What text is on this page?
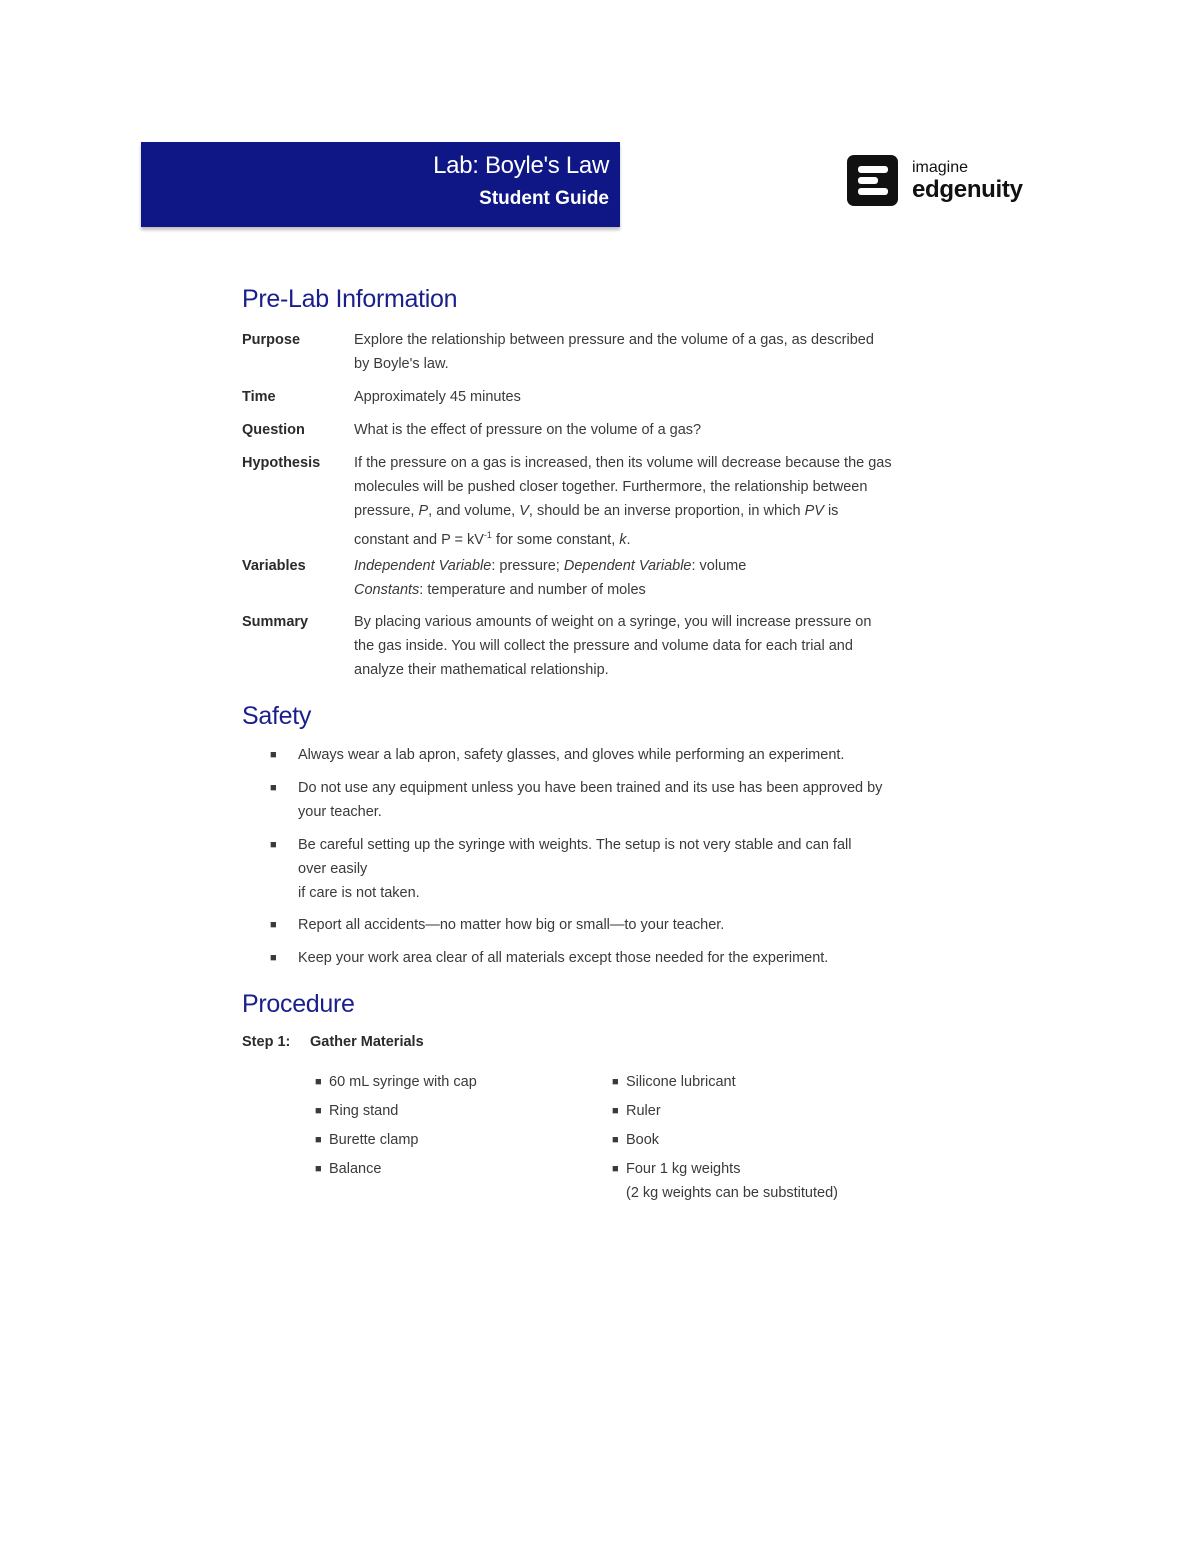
Lab: Boyle's Law
Student Guide
imagine
edgenuity
Pre-Lab Information
Purpose	Explore the relationship between pressure and the volume of a gas, as described
by Boyle's law.
Time	Approximately 45 minutes
Question	What is the effect of pressure on the volume of a gas?
Hypothesis If the pressure on a gas is increased, then its volume will decrease because the gas
molecules will be pushed closer together. Furthermore, the relationship between
pressure, P, and volume, V, should be an inverse proportion, in which PV is
constant and $P = kV^{-1}$ for some constant, k.
Variables	Independent Variable: pressure; Dependent Variable: volume
Constants: temperature and number of moles
Summary	By placing various amounts of weight on a syringe, you will increase pressure on
the gas inside. You will collect the pressure and volume data for each trial and
analyze their mathematical relationship.
Safety
■ Always wear a lab apron, safety glasses, and gloves while performing an experiment.
■ Do not use any equipment unless you have been trained and its use has been approved by
your teacher.
■ Be careful setting up the syringe with weights. The setup is not very stable and can fall
over easily
if care is not taken.
■ Report all accidents—no matter how big or small—to your teacher.
■ Keep your work area clear of all materials except those needed for the experiment.
Procedure
Step 1: Gather Materials
■ 60 mL syringe with cap
■ Ring stand
■ Burette clamp
■ Balance
■ Silicone lubricant
■ Ruler
■ Book
■ Four 1 kg weights
(2 kg weights can be substituted)
